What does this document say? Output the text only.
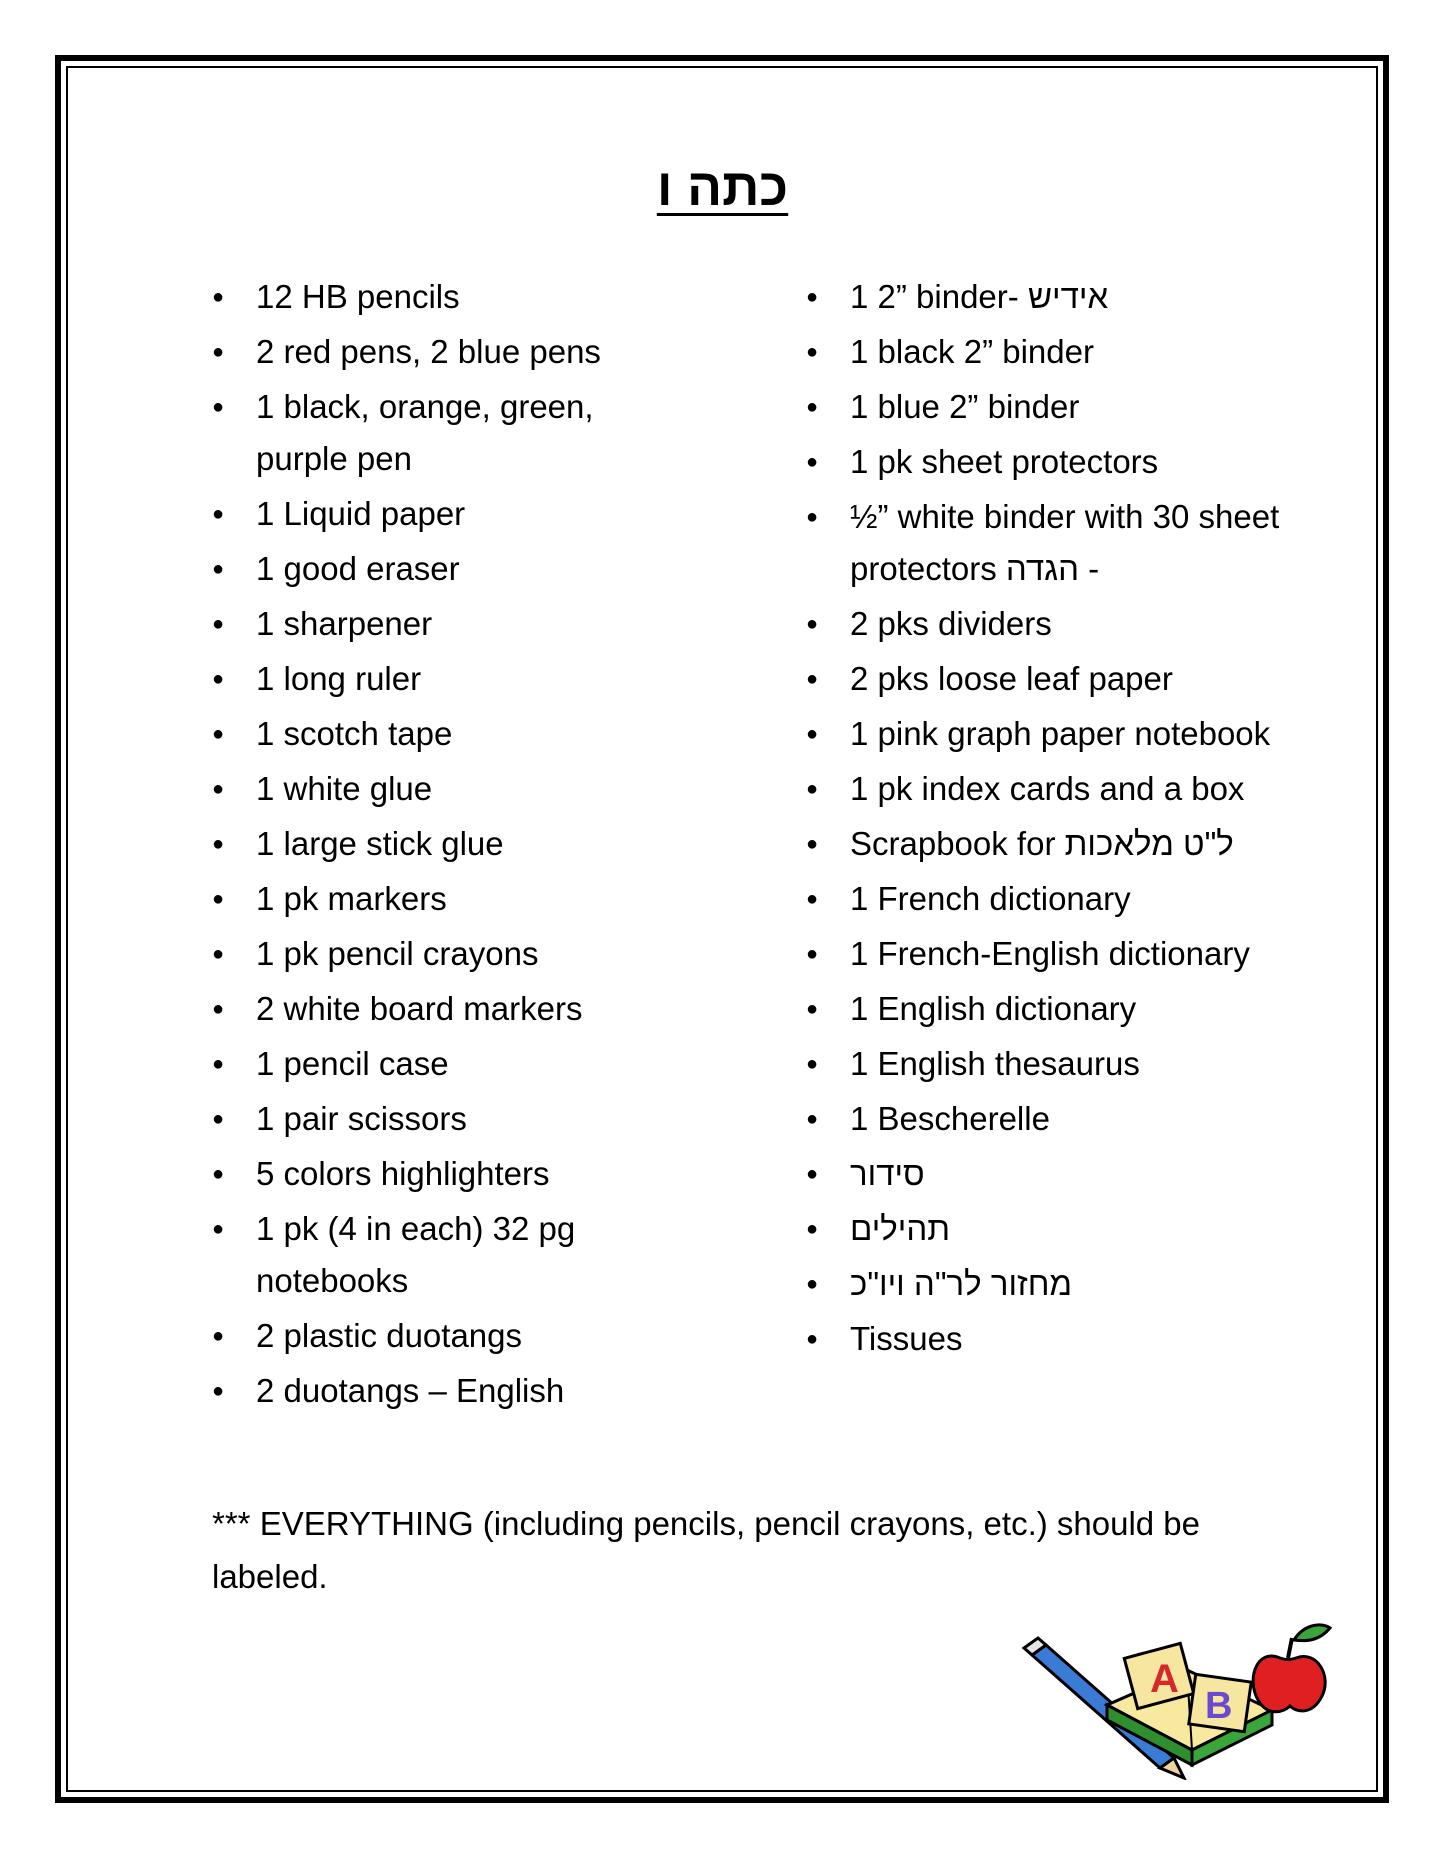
כתה ו
● 12 HB pencils
● 2 red pens, 2 blue pens
● 1 black, orange, green, purple pen
● 1 Liquid paper
● 1 good eraser
● 1 sharpener
● 1 long ruler
● 1 scotch tape
● 1 white glue
● 1 large stick glue
● 1 pk markers
● 1 pk pencil crayons
● 2 white board markers
● 1 pencil case
● 1 pair scissors
● 5 colors highlighters
● 1 pk (4 in each) 32 pg notebooks
● 2 plastic duotangs
● 2 duotangs – English
● 1 2” binder- אידיש
● 1 black 2” binder
● 1 blue 2” binder
● 1 pk sheet protectors
● ½” white binder with 30 sheet protectors הגדה -
● 2 pks dividers
● 2 pks loose leaf paper
● 1 pink graph paper notebook
● 1 pk index cards and a box
● Scrapbook for ל"ט מלאכות
● 1 French dictionary
● 1 French-English dictionary
● 1 English dictionary
● 1 English thesaurus
● 1 Bescherelle
● סידור
● תהילים
● מחזור לר"ה ויו"כ
● Tissues
*** EVERYTHING (including pencils, pencil crayons, etc.) should be labeled.
A
B
